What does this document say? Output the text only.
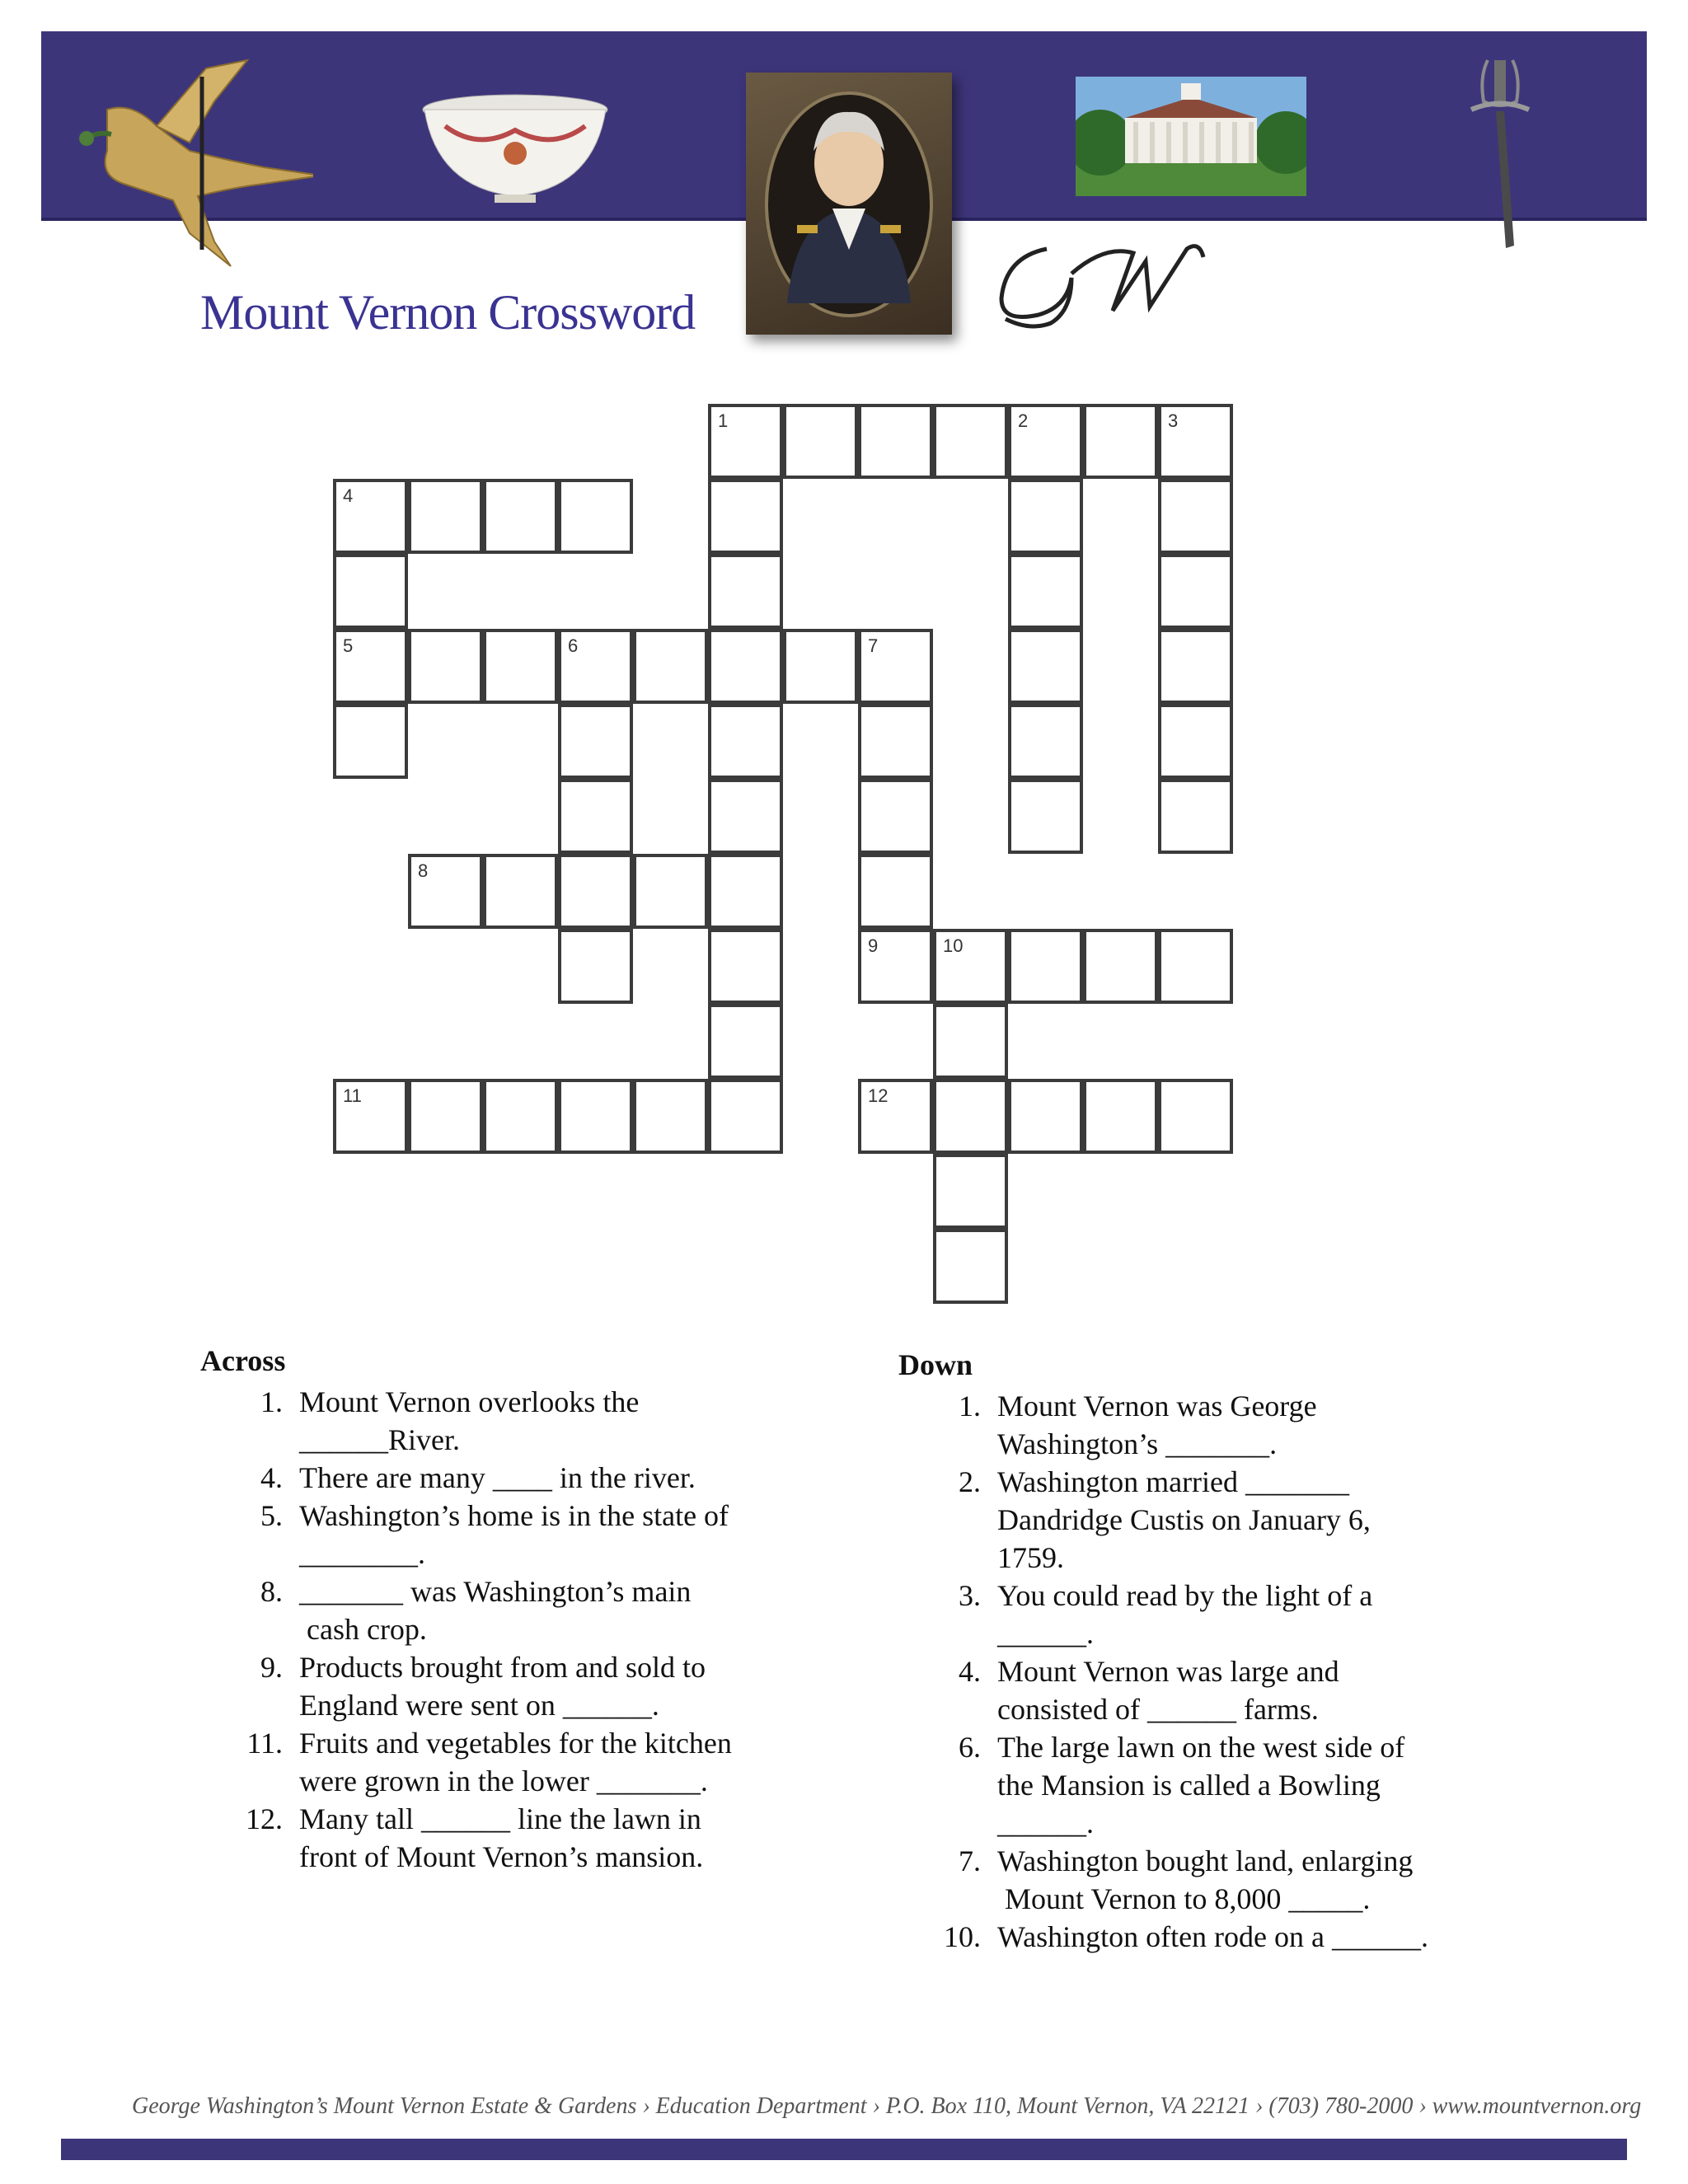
Mount Vernon Crossword
1	2	3
4
5	6	7
8
9	10
11	12
Across
1. Mount Vernon overlooks the
______River.
4. There are many ____ in the river.
5. Washington’s home is in the state of
________.
8. _______ was Washington’s main
cash crop.
9. Products brought from and sold to
England were sent on ______.
11. Fruits and vegetables for the kitchen
were grown in the lower _______.
12. Many tall ______ line the lawn in
front of Mount Vernon’s mansion.
Down
1. Mount Vernon was George
Washington’s _______.
2. Washington married _______
Dandridge Custis on January 6,
1759.
3. You could read by the light of a
______.
4. Mount Vernon was large and
consisted of ______ farms.
6. The large lawn on the west side of
the Mansion is called a Bowling
______.
7. Washington bought land, enlarging
Mount Vernon to 8,000 _____.
10. Washington often rode on a ______.
George Washington’s Mount Vernon Estate & Gardens › Education Department › P.O. Box 110, Mount Vernon, VA 22121 › (703) 780-2000 › www.mountvernon.org
